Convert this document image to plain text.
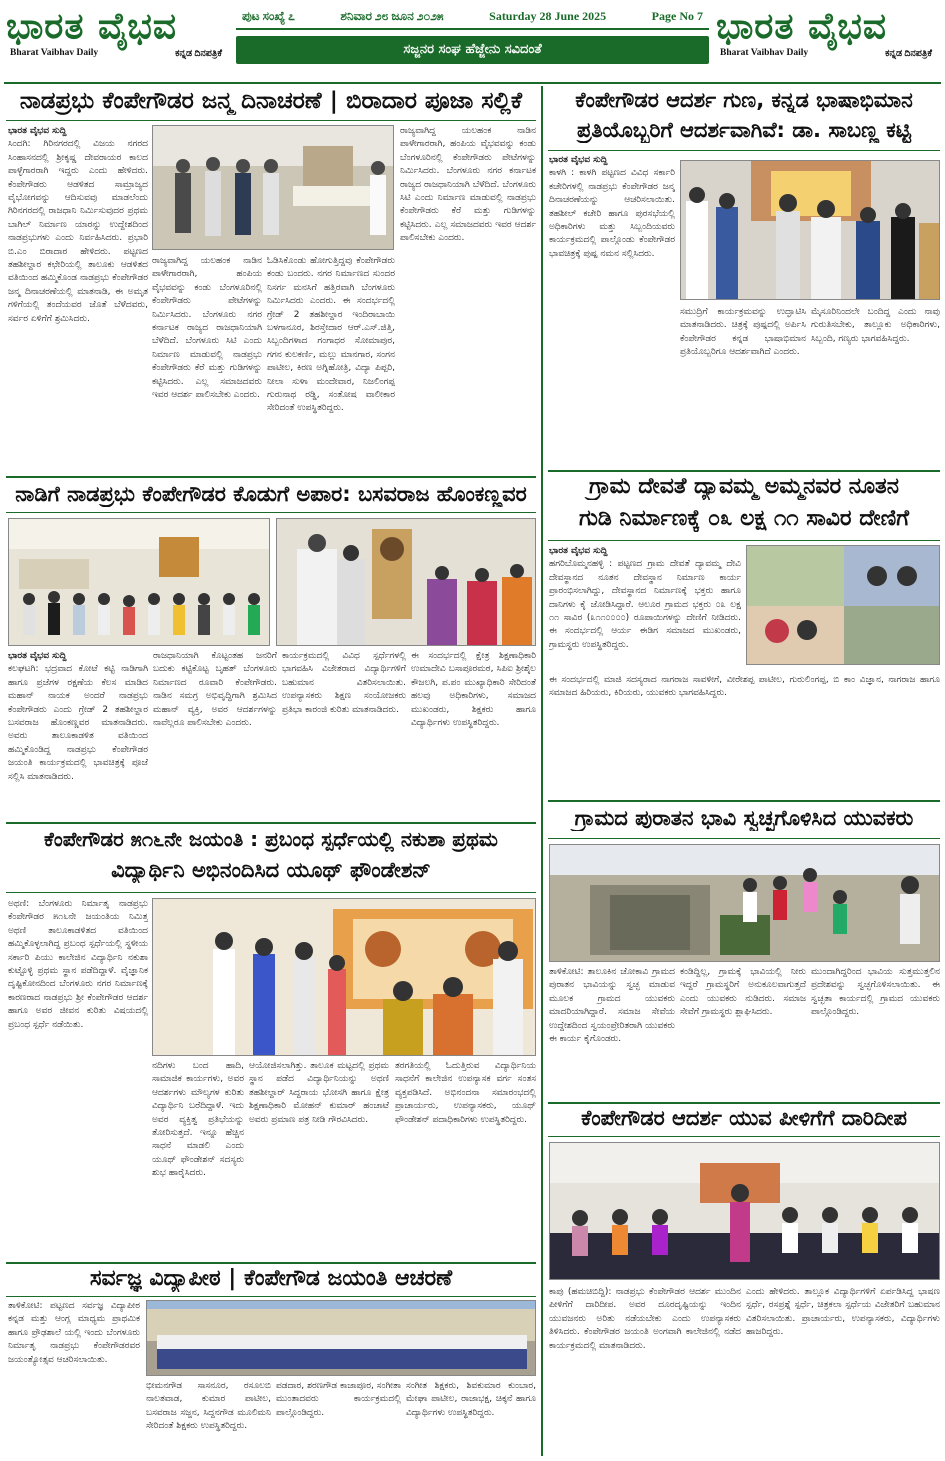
ಭಾರತ ವೈಭವ
Bharat Vaibhav Daily	ಕನ್ನಡ ದಿನಪತ್ರಿಕೆ
ಪುಟ ಸಂಖ್ಯೆ ೭	ಶನಿವಾರ ೨೮ ಜೂನ ೨೦೨೫	Saturday 28 June 2025	Page No 7
ಸಜ್ಜನರ ಸಂಘ ಹೆಜ್ಜೇನು ಸವಿದಂತೆ
ಭಾರತ ವೈಭವ
Bharat Vaibhav Daily	ಕನ್ನಡ ದಿನಪತ್ರಿಕೆ
ನಾಡಪ್ರಭು ಕೆಂಪೇಗೌಡರ ಜನ್ಮ ದಿನಾಚರಣೆ | ಬಿರಾದಾರ ಪೂಜಾ ಸಲ್ಲಿಕೆ
ಭಾರತ ವೈಭವ ಸುದ್ದಿ
ಸಿಂದಗಿ: ಗಿರಿನಗರದಲ್ಲಿ ವಿಜಯ ನಗರದ ಸಿಂಹಾಸನದಲ್ಲಿ ಶ್ರೀಕೃಷ್ಣ ದೇವರಾಯರ ಕಾಲದ ಪಾಳ್ಳೆಗಾರರಾಗಿ ಇದ್ದರು ಎಂದು ಹೇಳಿದರು. ಕೆಂಪೇಗೌಡರು ಆಡಳಿತದ ಸಾಮ್ರಾಜ್ಯದ ವೈಭೋಗವನ್ನು ಆದಿಸುವವು ಮಾಡಲೆಂದು ಗಿರಿನಗರದಲ್ಲಿ ರಾಜಧಾನಿ ನಿರ್ಮಿಸುವುದರ ಪ್ರಥಮ ಬಾಗಿಲ್ ನಿರ್ಮಾಣ ಯಾರನ್ನು ಉದ್ದೇಶದಿಂದ ನಾಡಪ್ರಭುಗಳು ಎಂದು ನಿರ್ವಹಿಸಿದರು. ಪ್ರಭಾರಿ ಬಿ.ಎಂ ಬಿರಾದಾರ ಹೇಳಿದರು. ಪಟ್ಟಣದ ತಹಶೀಲ್ದಾರ ಕಛೇರಿಯಲ್ಲಿ ತಾಲೂಕು ಆಡಳಿತದ ವತಿಯಿಂದ ಹಮ್ಮಿಕೊಂಡ ನಾಡಪ್ರಭು ಕೆಂಪೇಗೌಡರ ಜನ್ಮ ದಿನಾಚರಣೆಯಲ್ಲಿ ಮಾತನಾಡಿ, ಈ ಅಮೃತ ಗಳಿಗೆಯಲ್ಲಿ ತಂದೆಯವರ ಜೊತೆ ಬೆಳೆದವರು, ಸರ್ವರ ಏಳಿಗೆಗೆ ಶ್ರಮಿಸಿದರು.
ರಾಜ್ಯವಾಗಿದ್ದ ಯಲಹಂಕ ನಾಡಿನ ಪಾಳೇಗಾರರಾಗಿ, ಹಂಪಿಯ ವೈಭವವನ್ನು ಕಂಡು ಬೆಂಗಳೂರಿನಲ್ಲಿ ಕೆಂಪೇಗೌಡರು ಪೇಟೆಗಳನ್ನು ನಿರ್ಮಿಸಿದರು. ಬೆಂಗಳೂರು ನಗರ ಕರ್ನಾಟಕ ರಾಜ್ಯದ ರಾಜಧಾನಿಯಾಗಿ ಬೆಳೆದಿದೆ. ಬೆಂಗಳೂರು ಸಿಟಿ ಎಂದು ನಿರ್ಮಾಣ ಮಾಡುವಲ್ಲಿ ನಾಡಪ್ರಭು ಕೆಂಪೇಗೌಡರು ಕೆರೆ ಮತ್ತು ಗುಡಿಗಳನ್ನು ಕಟ್ಟಿಸಿದರು. ಎಲ್ಲ ಸಮಾಜದವರು ಇವರ ಆದರ್ಶ ಪಾಲಿಸಬೇಕು ಎಂದರು.
ಓಡಿಸಿಕೊಂಡು ಹೋಗುತ್ತಿದ್ದವು ಕೆಂಪೇಗೌಡರು ಕಂಡು ಬಂದರು. ನಗರ ನಿರ್ಮಾಣದ ಸುಂದರ ನಿಸರ್ಗ ಮನಸಿಗೆ ಹತ್ತಿರವಾಗಿ ಬೆಂಗಳೂರು ನಿರ್ಮಿಸಿದರು ಎಂದರು. ಈ ಸಂದರ್ಭದಲ್ಲಿ ಗ್ರೇಡ್ 2 ತಹಶೀಲ್ದಾರ ಇಂದಿರಾಬಾಯಿ ಬಳಗಾನೂರ, ಶಿರಸ್ತೇದಾರ ಆರ್.ಎಸ್.ಜಿತ್ತಿ, ಸಿಬ್ಬಂದಿಗಳಾದ ಗಂಗಾಧರ ಸೋಮಾಪುರ, ಗಗನ ಕುಲಕರ್ಣಿ, ಮಲ್ಲು ಮಾನಗಾರ, ಸಂಗನ ಪಾಟೀಲ, ಕಿರಣ ಅಗ್ನಿಹೋತ್ರಿ, ವಿದ್ಯಾ ಪಿಪ್ಪರಿ, ನೀಲಾ ಸುಳಾ ಮಂದೇವಾರ, ನಿಜಲಿಂಗಪ್ಪ ಗುರುನಾಥ ರಡ್ಡಿ, ಸಂತೋಷ ವಾಲೀಕಾರ ಸೇರಿದಂತೆ ಉಪಸ್ಥಿತರಿದ್ದರು.
ರಾಜ್ಯವಾಗಿದ್ದ ಯಲಹಂಕ ನಾಡಿನ ಪಾಳೇಗಾರರಾಗಿ, ಹಂಪಿಯ ವೈಭವವನ್ನು ಕಂಡು ಬೆಂಗಳೂರಿನಲ್ಲಿ ಕೆಂಪೇಗೌಡರು ಪೇಟೆಗಳನ್ನು ನಿರ್ಮಿಸಿದರು. ಬೆಂಗಳೂರು ನಗರ ಕರ್ನಾಟಕ ರಾಜ್ಯದ ರಾಜಧಾನಿಯಾಗಿ ಬೆಳೆದಿದೆ. ಬೆಂಗಳೂರು ಸಿಟಿ ಎಂದು ನಿರ್ಮಾಣ ಮಾಡುವಲ್ಲಿ ನಾಡಪ್ರಭು ಕೆಂಪೇಗೌಡರು ಕೆರೆ ಮತ್ತು ಗುಡಿಗಳನ್ನು ಕಟ್ಟಿಸಿದರು. ಎಲ್ಲ ಸಮಾಜದವರು ಇವರ ಆದರ್ಶ ಪಾಲಿಸಬೇಕು ಎಂದರು.
ನಾಡಿಗೆ ನಾಡಪ್ರಭು ಕೆಂಪೇಗೌಡರ ಕೊಡುಗೆ ಅಪಾರ: ಬಸವರಾಜ ಹೊಂಕಣ್ಣವರ
ಭಾರತ ವೈಭವ ಸುದ್ದಿ
ಕಲಘಟಗಿ: ಭದ್ರವಾದ ಕೋಟೆ ಕಟ್ಟಿ ನಾಡಿಗಾಗಿ ಹಾಗೂ ಪ್ರಜೆಗಳ ರಕ್ಷಣೆಯ ಕೆಲಸ ಮಾಡಿದ ಮಹಾನ್ ನಾಯಕ ಅಂದರೆ ನಾಡಪ್ರಭು ಕೆಂಪೇಗೌಡರು ಎಂದು ಗ್ರೇಡ್ 2 ತಹಶೀಲ್ದಾರ ಬಸವರಾಜ ಹೊಂಕಣ್ಣವರ ಮಾತನಾಡಿದರು. ಅವರು ತಾಲೂಕಾಡಳಿತ ವತಿಯಿಂದ ಹಮ್ಮಿಕೊಂಡಿದ್ದ ನಾಡಪ್ರಭು ಕೆಂಪೇಗೌಡರ ಜಯಂತಿ ಕಾರ್ಯಕ್ರಮದಲ್ಲಿ ಭಾವಚಿತ್ರಕ್ಕೆ ಪೂಜೆ ಸಲ್ಲಿಸಿ ಮಾತನಾಡಿದರು.
ರಾಜಧಾನಿಯಾಗಿ ಕೊಟ್ಟಂತಹ ಜನರಿಗೆ ಬದುಕು ಕಟ್ಟಿಕೊಟ್ಟ ಬೃಹತ್ ಬೆಂಗಳೂರು ನಿರ್ಮಾಣದ ರೂವಾರಿ ಕೆಂಪೇಗೌಡರು. ನಾಡಿನ ಸಮಗ್ರ ಅಭಿವೃದ್ಧಿಗಾಗಿ ಶ್ರಮಿಸಿದ ಮಹಾನ್ ವ್ಯಕ್ತಿ, ಅವರ ಆದರ್ಶಗಳನ್ನು ನಾವೆಲ್ಲರೂ ಪಾಲಿಸಬೇಕು ಎಂದರು.
ಕಾರ್ಯಕ್ರಮದಲ್ಲಿ ವಿವಿಧ ಸ್ಪರ್ಧೆಗಳಲ್ಲಿ ಭಾಗವಹಿಸಿ ವಿಜೇತರಾದ ವಿದ್ಯಾರ್ಥಿಗಳಿಗೆ ಬಹುಮಾನ ವಿತರಿಸಲಾಯಿತು. ಉಪನ್ಯಾಸಕರು ಶಿಕ್ಷಣ ಸಂಯೋಜಕರು ಪ್ರತಿಭಾ ಕಾರಂಜಿ ಕುರಿತು ಮಾತನಾಡಿದರು.
ಈ ಸಂದರ್ಭದಲ್ಲಿ ಕ್ಷೇತ್ರ ಶಿಕ್ಷಣಾಧಿಕಾರಿ ಉಮಾದೇವಿ ಬಸಾಪೂರಮಠ, ಸಿಪಿಐ ಶ್ರೀಶೈಲ ಕೌಜಲಗಿ, ಪ.ಪಂ ಮುಖ್ಯಾಧಿಕಾರಿ ಸೇರಿದಂತೆ ಹಲವು ಅಧಿಕಾರಿಗಳು, ಸಮಾಜದ ಮುಖಂಡರು, ಶಿಕ್ಷಕರು ಹಾಗೂ ವಿದ್ಯಾರ್ಥಿಗಳು ಉಪಸ್ಥಿತರಿದ್ದರು.
ಕೆಂಪೇಗೌಡರ ೫೧೬ನೇ ಜಯಂತಿ : ಪ್ರಬಂಧ ಸ್ಪರ್ಧೆಯಲ್ಲಿ ನಕುಶಾ ಪ್ರಥಮ
ವಿದ್ಯಾರ್ಥಿನಿ ಅಭಿನಂದಿಸಿದ ಯೂಥ್ ಫೌಂಡೇಶನ್
ಅಥಣಿ: ಬೆಂಗಳೂರು ನಿರ್ಮಾತೃ ನಾಡಪ್ರಭು ಕೆಂಪೇಗೌಡರ ೫೧೬ನೇ ಜಯಂತಿಯ ನಿಮಿತ್ತ ಅಥಣಿ ತಾಲೂಕಾಡಳಿತದ ವತಿಯಿಂದ ಹಮ್ಮಿಕೊಳ್ಳಲಾಗಿದ್ದ ಪ್ರಬಂಧ ಸ್ಪರ್ಧೆಯಲ್ಲಿ ಸ್ಥಳೀಯ ಸರ್ಕಾರಿ ಪಿಯು ಕಾಲೇಜಿನ ವಿದ್ಯಾರ್ಥಿನಿ ನಕುಶಾ ಕುಟ್ಟೊಳ್ಳಿ ಪ್ರಥಮ ಸ್ಥಾನ ಪಡೆದಿದ್ದಾಳೆ. ವೈಜ್ಞಾನಿಕ ದೃಷ್ಟಿಕೋನದಿಂದ ಬೆಂಗಳೂರು ನಗರ ನಿರ್ಮಾಣಕ್ಕೆ ಕಾರಣರಾದ ನಾಡಪ್ರಭು ಶ್ರೀ ಕೆಂಪೇಗೌಡರ ಆದರ್ಶ ಹಾಗೂ ಅವರ ಜೀವನ ಕುರಿತು ವಿಷಯದಲ್ಲಿ ಪ್ರಬಂಧ ಸ್ಪರ್ಧೆ ನಡೆಯಿತು.
ನದಿಗಳು ಬಂದ ಹಾದಿ, ಸಾಮಾಜಿಕ ಕಾರ್ಯಗಳು, ಅವರ ಆದರ್ಶಗಳು ಮೌಲ್ಯಗಳ ಕುರಿತು ವಿದ್ಯಾರ್ಥಿನಿ ಬರೆದಿದ್ದಾಳೆ. ಇದು ಅವರ ವ್ಯಕ್ತಿತ್ವ ಪ್ರತಿಭೆಯನ್ನು ತೋರಿಸುತ್ತದೆ. ಇನ್ನೂ ಹೆಚ್ಚಿನ ಸಾಧನೆ ಮಾಡಲಿ ಎಂದು ಯೂಥ್ ಫೌಂಡೇಶನ್ ಸದಸ್ಯರು ಶುಭ ಹಾರೈಸಿದರು.
ಆಯೋಜಿಸಲಾಗಿತ್ತು. ತಾಲೂಕ ಮಟ್ಟದಲ್ಲಿ ಪ್ರಥಮ ಸ್ಥಾನ ಪಡೆದ ವಿದ್ಯಾರ್ಥಿನಿಯನ್ನು ಅಥಣಿ ತಹಶೀಲ್ದಾರ್ ಸಿದ್ದರಾಯ ಭೋಸಗಿ ಹಾಗೂ ಕ್ಷೇತ್ರ ಶಿಕ್ಷಣಾಧಿಕಾರಿ ಮೋಹನ್ ಕುಮಾರ್ ಹಂಚಾಟೆ ಅವರು ಪ್ರಮಾಣ ಪತ್ರ ನೀಡಿ ಗೌರವಿಸಿದರು.
ತರಗತಿಯಲ್ಲಿ ಓದುತ್ತಿರುವ ವಿದ್ಯಾರ್ಥಿನಿಯ ಸಾಧನೆಗೆ ಕಾಲೇಜಿನ ಉಪನ್ಯಾಸಕ ವರ್ಗ ಸಂತಸ ವ್ಯಕ್ತಪಡಿಸಿದೆ. ಅಭಿನಂದನಾ ಸಮಾರಂಭದಲ್ಲಿ ಪ್ರಾಚಾರ್ಯರು, ಉಪನ್ಯಾಸಕರು, ಯೂಥ್ ಫೌಂಡೇಶನ್ ಪದಾಧಿಕಾರಿಗಳು ಉಪಸ್ಥಿತರಿದ್ದರು.
ಸರ್ವಜ್ಞ ವಿದ್ಯಾಪೀಠ | ಕೆಂಪೇಗೌಡ ಜಯಂತಿ ಆಚರಣೆ
ತಾಳಿಕೋಟಿ: ಪಟ್ಟಣದ ಸರ್ವಜ್ಞ ವಿದ್ಯಾಪೀಠ ಕನ್ನಡ ಮತ್ತು ಆಂಗ್ಲ ಮಾಧ್ಯಮ ಪ್ರಾಥಮಿಕ ಹಾಗೂ ಪ್ರೌಢಶಾಲೆ ಯಲ್ಲಿ ಇಂದು ಬೆಂಗಳೂರು ನಿರ್ಮಾತೃ ನಾಡಪ್ರಭು ಕೆಂಪೇಗೌಡರವರ ಜಯಂತ್ಯೋತ್ಸವ ಆಚರಿಸಲಾಯಿತು.
ಭೀಮನಗೌಡ ಸಾಸನೂರ, ರಸೂಲಬಿ ನಾಲತವಾಡ, ಕುಮಾರ ಪಾಟೀಲ, ಬಸವರಾಜ ಸಜ್ಜನ, ಸಿದ್ದನಗೌಡ ಮೂಲಿಮನಿ ಸೇರಿದಂತೆ ಶಿಕ್ಷಕರು ಉಪಸ್ಥಿತರಿದ್ದರು.
ಪಡದಾರ, ಶರಣಗೌಡ ಕಾಜಾಪೂರ, ಸಂಗೀತಾ ಮುಂತಾದವರು ಕಾರ್ಯಕ್ರಮದಲ್ಲಿ ಪಾಲ್ಗೊಂಡಿದ್ದರು.
ಸಂಗೀತ ಶಿಕ್ಷಕರು, ಶಿವಕುಮಾರ ಕುಂಬಾರ, ಮೇಘಾ ಪಾಟೀಲ, ರಾಜಾಭಕ್ಷ, ಚಿಕ್ಕನೆ ಹಾಗೂ ವಿದ್ಯಾರ್ಥಿಗಳು ಉಪಸ್ಥಿತರಿದ್ದರು.
ಕೆಂಪೇಗೌಡರ ಆದರ್ಶ ಗುಣ, ಕನ್ನಡ ಭಾಷಾಭಿಮಾನ
ಪ್ರತಿಯೊಬ್ಬರಿಗೆ ಆದರ್ಶವಾಗಿವೆ: ಡಾ. ಸಾಬಣ್ಣ ಕಟ್ಟಿ
ಭಾರತ ವೈಭವ ಸುದ್ದಿ
ಕಾಳಗಿ : ಕಾಳಗಿ ಪಟ್ಟಣದ ವಿವಿಧ ಸರ್ಕಾರಿ ಕಚೇರಿಗಳಲ್ಲಿ ನಾಡಪ್ರಭು ಕೆಂಪೇಗೌಡರ ಜನ್ಮ ದಿನಾಚರಣೆಯನ್ನು ಆಚರಿಸಲಾಯಿತು. ತಹಶೀಲ್ ಕಚೇರಿ ಹಾಗೂ ಪುರಸಭೆಯಲ್ಲಿ ಅಧಿಕಾರಿಗಳು ಮತ್ತು ಸಿಬ್ಬಂದಿಯವರು ಕಾರ್ಯಕ್ರಮದಲ್ಲಿ ಪಾಲ್ಗೊಂಡು ಕೆಂಪೇಗೌಡರ ಭಾವಚಿತ್ರಕ್ಕೆ ಪುಷ್ಪ ನಮನ ಸಲ್ಲಿಸಿದರು.
ಸಮುದ್ರಿಗೆ ಕಾರ್ಯಕ್ರಮವನ್ನು ಉದ್ಘಾಟಿಸಿ ಮಾತನಾಡಿದರು. ಚಿತ್ರಕ್ಕೆ ಪುಷ್ಪದಲ್ಲಿ ಅರ್ಪಿಸಿ ಕೆಂಪೇಗೌಡರ ಕನ್ನಡ ಭಾಷಾಭಿಮಾನ ಪ್ರತಿಯೊಬ್ಬರಿಗೂ ಆದರ್ಶವಾಗಿದೆ ಎಂದರು.
ಮೈಸೂರಿನಿಂದಲೇ ಬಂದಿದ್ದ ಎಂದು ನಾವು ಗುರುತಿಸಬೇಕು, ತಾಲ್ಲೂಕು ಅಧಿಕಾರಿಗಳು, ಸಿಬ್ಬಂದಿ, ಗಣ್ಯರು ಭಾಗವಹಿಸಿದ್ದರು.
ಗ್ರಾಮ ದೇವತೆ ದ್ಯಾವಮ್ಮ ಅಮ್ಮನವರ ನೂತನ
ಗುಡಿ ನಿರ್ಮಾಣಕ್ಕೆ ೦೩ ಲಕ್ಷ ೧೧ ಸಾವಿರ ದೇಣಿಗೆ
ಭಾರತ ವೈಭವ ಸುದ್ದಿ
ಹಗರಿಬೊಮ್ಮನಹಳ್ಳಿ : ಪಟ್ಟಣದ ಗ್ರಾಮ ದೇವತೆ ದ್ಯಾವಮ್ಮ ದೇವಿ ದೇವಸ್ಥಾನದ ನೂತನ ದೇವಸ್ಥಾನ ನಿರ್ಮಾಣ ಕಾರ್ಯ ಪ್ರಾರಂಭಿಸಲಾಗಿದ್ದು, ದೇವಸ್ಥಾನದ ನಿರ್ಮಾಣಕ್ಕೆ ಭಕ್ತರು ಹಾಗೂ ದಾನಿಗಳು ಕೈ ಜೋಡಿಸಿದ್ದಾರೆ. ಆಲೂರ ಗ್ರಾಮದ ಭಕ್ತರು ೦೩ ಲಕ್ಷ ೧೧ ಸಾವಿರ (೩೧೧೦೦೦೦) ರೂಪಾಯಿಗಳನ್ನು ದೇಣಿಗೆ ನೀಡಿದರು. ಈ ಸಂದರ್ಭದಲ್ಲಿ ಆರ್ಯ ಈಡಿಗ ಸಮಾಜದ ಮುಖಂಡರು, ಗ್ರಾಮಸ್ಥರು ಉಪಸ್ಥಿತರಿದ್ದರು.
ಈ ಸಂದರ್ಭದಲ್ಲಿ ಮಾಜಿ ಸದಸ್ಯರಾದ ನಾಗರಾಜ ಸಾವಳೀಗೆ, ವೀರೇಶಪ್ಪ ಪಾಟೀಲ, ಗುರುಲಿಂಗಪ್ಪ, ಬಿ ಕಾಂ ವಿಜ್ಞಾನ, ನಾಗರಾಜ ಹಾಗೂ ಸಮಾಜದ ಹಿರಿಯರು, ಕಿರಿಯರು, ಯುವಕರು ಭಾಗವಹಿಸಿದ್ದರು.
ಗ್ರಾಮದ ಪುರಾತನ ಭಾವಿ ಸ್ವಚ್ಛಗೊಳಿಸಿದ ಯುವಕರು
ತಾಳಿಕೋಟಿ: ತಾಲೂಕಿನ ಚೋಕಾವಿ ಗ್ರಾಮದ ಪುರಾತನ ಭಾವಿಯನ್ನು ಸ್ವಚ್ಛ ಮಾಡುವ ಮೂಲಕ ಗ್ರಾಮದ ಯುವಕರು ಮಾದರಿಯಾಗಿದ್ದಾರೆ. ಸಮಾಜ ಸೇವೆಯ ಉದ್ದೇಶದಿಂದ ಸ್ವಯಂಪ್ರೇರಿತರಾಗಿ ಯುವಕರು ಈ ಕಾರ್ಯ ಕೈಗೊಂಡರು.
ಕಂಡಿದ್ದಿಲ್ಲ, ಗ್ರಾಮಕ್ಕೆ ಭಾವಿಯಲ್ಲಿ ನೀರು ಇದ್ದರೆ ಗ್ರಾಮಸ್ಥರಿಗೆ ಅನುಕೂಲವಾಗುತ್ತದೆ ಎಂದು ಯುವಕರು ನುಡಿದರು. ಸಮಾಜ ಸೇವೆಗೆ ಗ್ರಾಮಸ್ಥರು ಶ್ಲಾಘಿಸಿದರು.
ಮುಂದಾಗಿದ್ದರಿಂದ ಭಾವಿಯ ಸುತ್ತಮುತ್ತಲಿನ ಪ್ರದೇಶವನ್ನು ಸ್ವಚ್ಛಗೊಳಿಸಲಾಯಿತು. ಈ ಸ್ವಚ್ಛತಾ ಕಾರ್ಯದಲ್ಲಿ ಗ್ರಾಮದ ಯುವಕರು ಪಾಲ್ಗೊಂಡಿದ್ದರು.
ಕೆಂಪೇಗೌಡರ ಆದರ್ಶ ಯುವ ಪೀಳಿಗೆಗೆ ದಾರಿದೀಪ
ಕಾಪು (ಹಮಚಿಬಿದ್ದಿ): ನಾಡಪ್ರಭು ಕೆಂಪೇಗೌಡರ ಆದರ್ಶ ಮುಂದಿನ ಪೀಳಿಗೆಗೆ ದಾರಿದೀಪ. ಅವರ ದೂರದೃಷ್ಟಿಯನ್ನು ಇಂದಿನ ಯುವಜನರು ಅರಿತು ನಡೆಯಬೇಕು ಎಂದು ಉಪನ್ಯಾಸಕರು ತಿಳಿಸಿದರು. ಕೆಂಪೇಗೌಡರ ಜಯಂತಿ ಅಂಗವಾಗಿ ಕಾಲೇಜಿನಲ್ಲಿ ನಡೆದ ಕಾರ್ಯಕ್ರಮದಲ್ಲಿ ಮಾತನಾಡಿದರು.
ಎಂದು ಹೇಳಿದರು. ತಾಲ್ಲೂಕ ವಿದ್ಯಾರ್ಥಿಗಳಿಗೆ ಏರ್ಪಡಿಸಿದ್ದ ಭಾಷಣ ಸ್ಪರ್ಧೆ, ರಸಪ್ರಶ್ನೆ ಸ್ಪರ್ಧೆ, ಚಿತ್ರಕಲಾ ಸ್ಪರ್ಧೆಯ ವಿಜೇತರಿಗೆ ಬಹುಮಾನ ವಿತರಿಸಲಾಯಿತು. ಪ್ರಾಚಾರ್ಯರು, ಉಪನ್ಯಾಸಕರು, ವಿದ್ಯಾರ್ಥಿಗಳು ಹಾಜರಿದ್ದರು.
